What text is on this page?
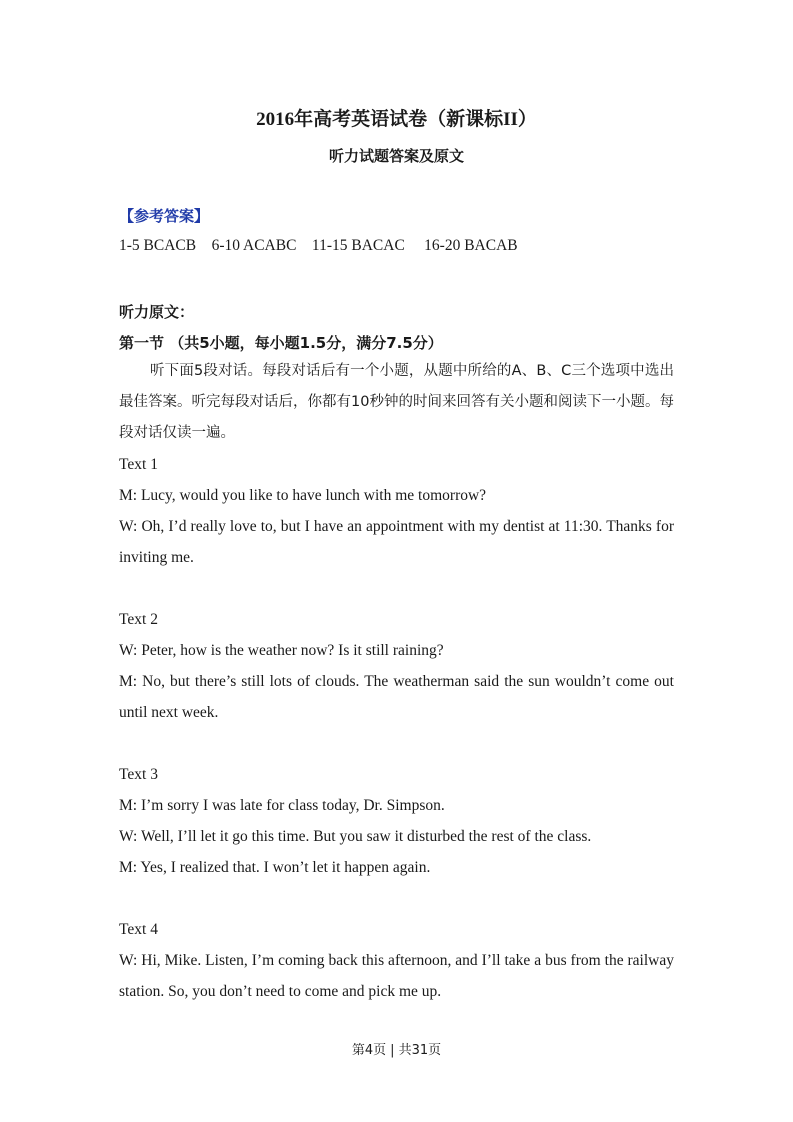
2016年高考英语试卷（新课标II）
听力试题答案及原文
【参考答案】
1-5 BCACB    6-10 ACABC    11-15 BACAC     16-20 BACAB
听力原文：
第一节 （共5小题，每小题1.5分，满分7.5分）

听下面5段对话。每段对话后有一个小题，从题中所给的A、B、C三个选项中选出最佳答案。听完每段对话后，你都有10秒钟的时间来回答有关小题和阅读下一小题。每段对话仅读一遍。

Text 1

M: Lucy, would you like to have lunch with me tomorrow?

W: Oh, I’d really love to, but I have an appointment with my dentist at 11:30. Thanks for inviting me.

Text 2

W: Peter, how is the weather now? Is it still raining?

M: No, but there’s still lots of clouds. The weatherman said the sun wouldn’t come out until next week.

Text 3

M: I’m sorry I was late for class today, Dr. Simpson.

W: Well, I’ll let it go this time. But you saw it disturbed the rest of the class.

M: Yes, I realized that. I won’t let it happen again.

Text 4

W: Hi, Mike. Listen, I’m coming back this afternoon, and I’ll take a bus from the railway station. So, you don’t need to come and pick me up.

第4页 | 共31页
